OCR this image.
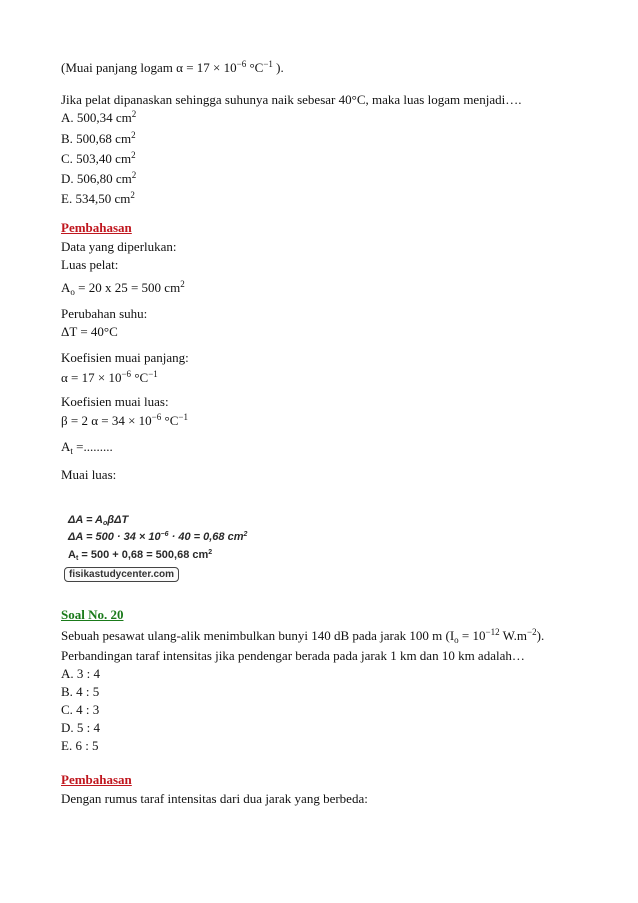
(Muai panjang logam $\alpha = 17 \times 10^{-6}$ $^\circ C^{-1}$ ).
Jika pelat dipanaskan sehingga suhunya naik sebesar 40°C, maka luas logam menjadi….
A. 500,34 $cm^2$
B. 500,68 $cm^2$
C. 503,40 $cm^2$
D. 506,80 $cm^2$
E. 534,50 $cm^2$
Pembahasan
Data yang diperlukan:
Luas pelat:
$A_o = 20$ x 25 = 500 $cm^2$
Perubahan suhu:
ΔT = 40°C
Koefisien muai panjang:
$\alpha = 17 \times 10^{-6}$ $^\circ C^{-1}$
Koefisien muai luas:
β = 2 $\alpha = 34 \times 10^{-6}$ $^\circ C^{-1}$
$A_t$ =.........
Muai luas:
$\Delta A = A_o\beta\Delta T$
$\Delta A = 500 \cdot 34 \times 10^{-6} \cdot 40 = 0,68$ $cm^2$
$A_t = 500 + 0,68 = 500,68$ $cm^2$
fisikastudycenter.com
Soal No. 20
Sebuah pesawat ulang-alik menimbulkan bunyi 140 dB pada jarak 100 m ($I_o = 10^{-12}$ $W.m^{-2}$).
Perbandingan taraf intensitas jika pendengar berada pada jarak 1 km dan 10 km adalah…
A. 3 : 4
B. 4 : 5
C. 4 : 3
D. 5 : 4
E. 6 : 5
Pembahasan
Dengan rumus taraf intensitas dari dua jarak yang berbeda:
